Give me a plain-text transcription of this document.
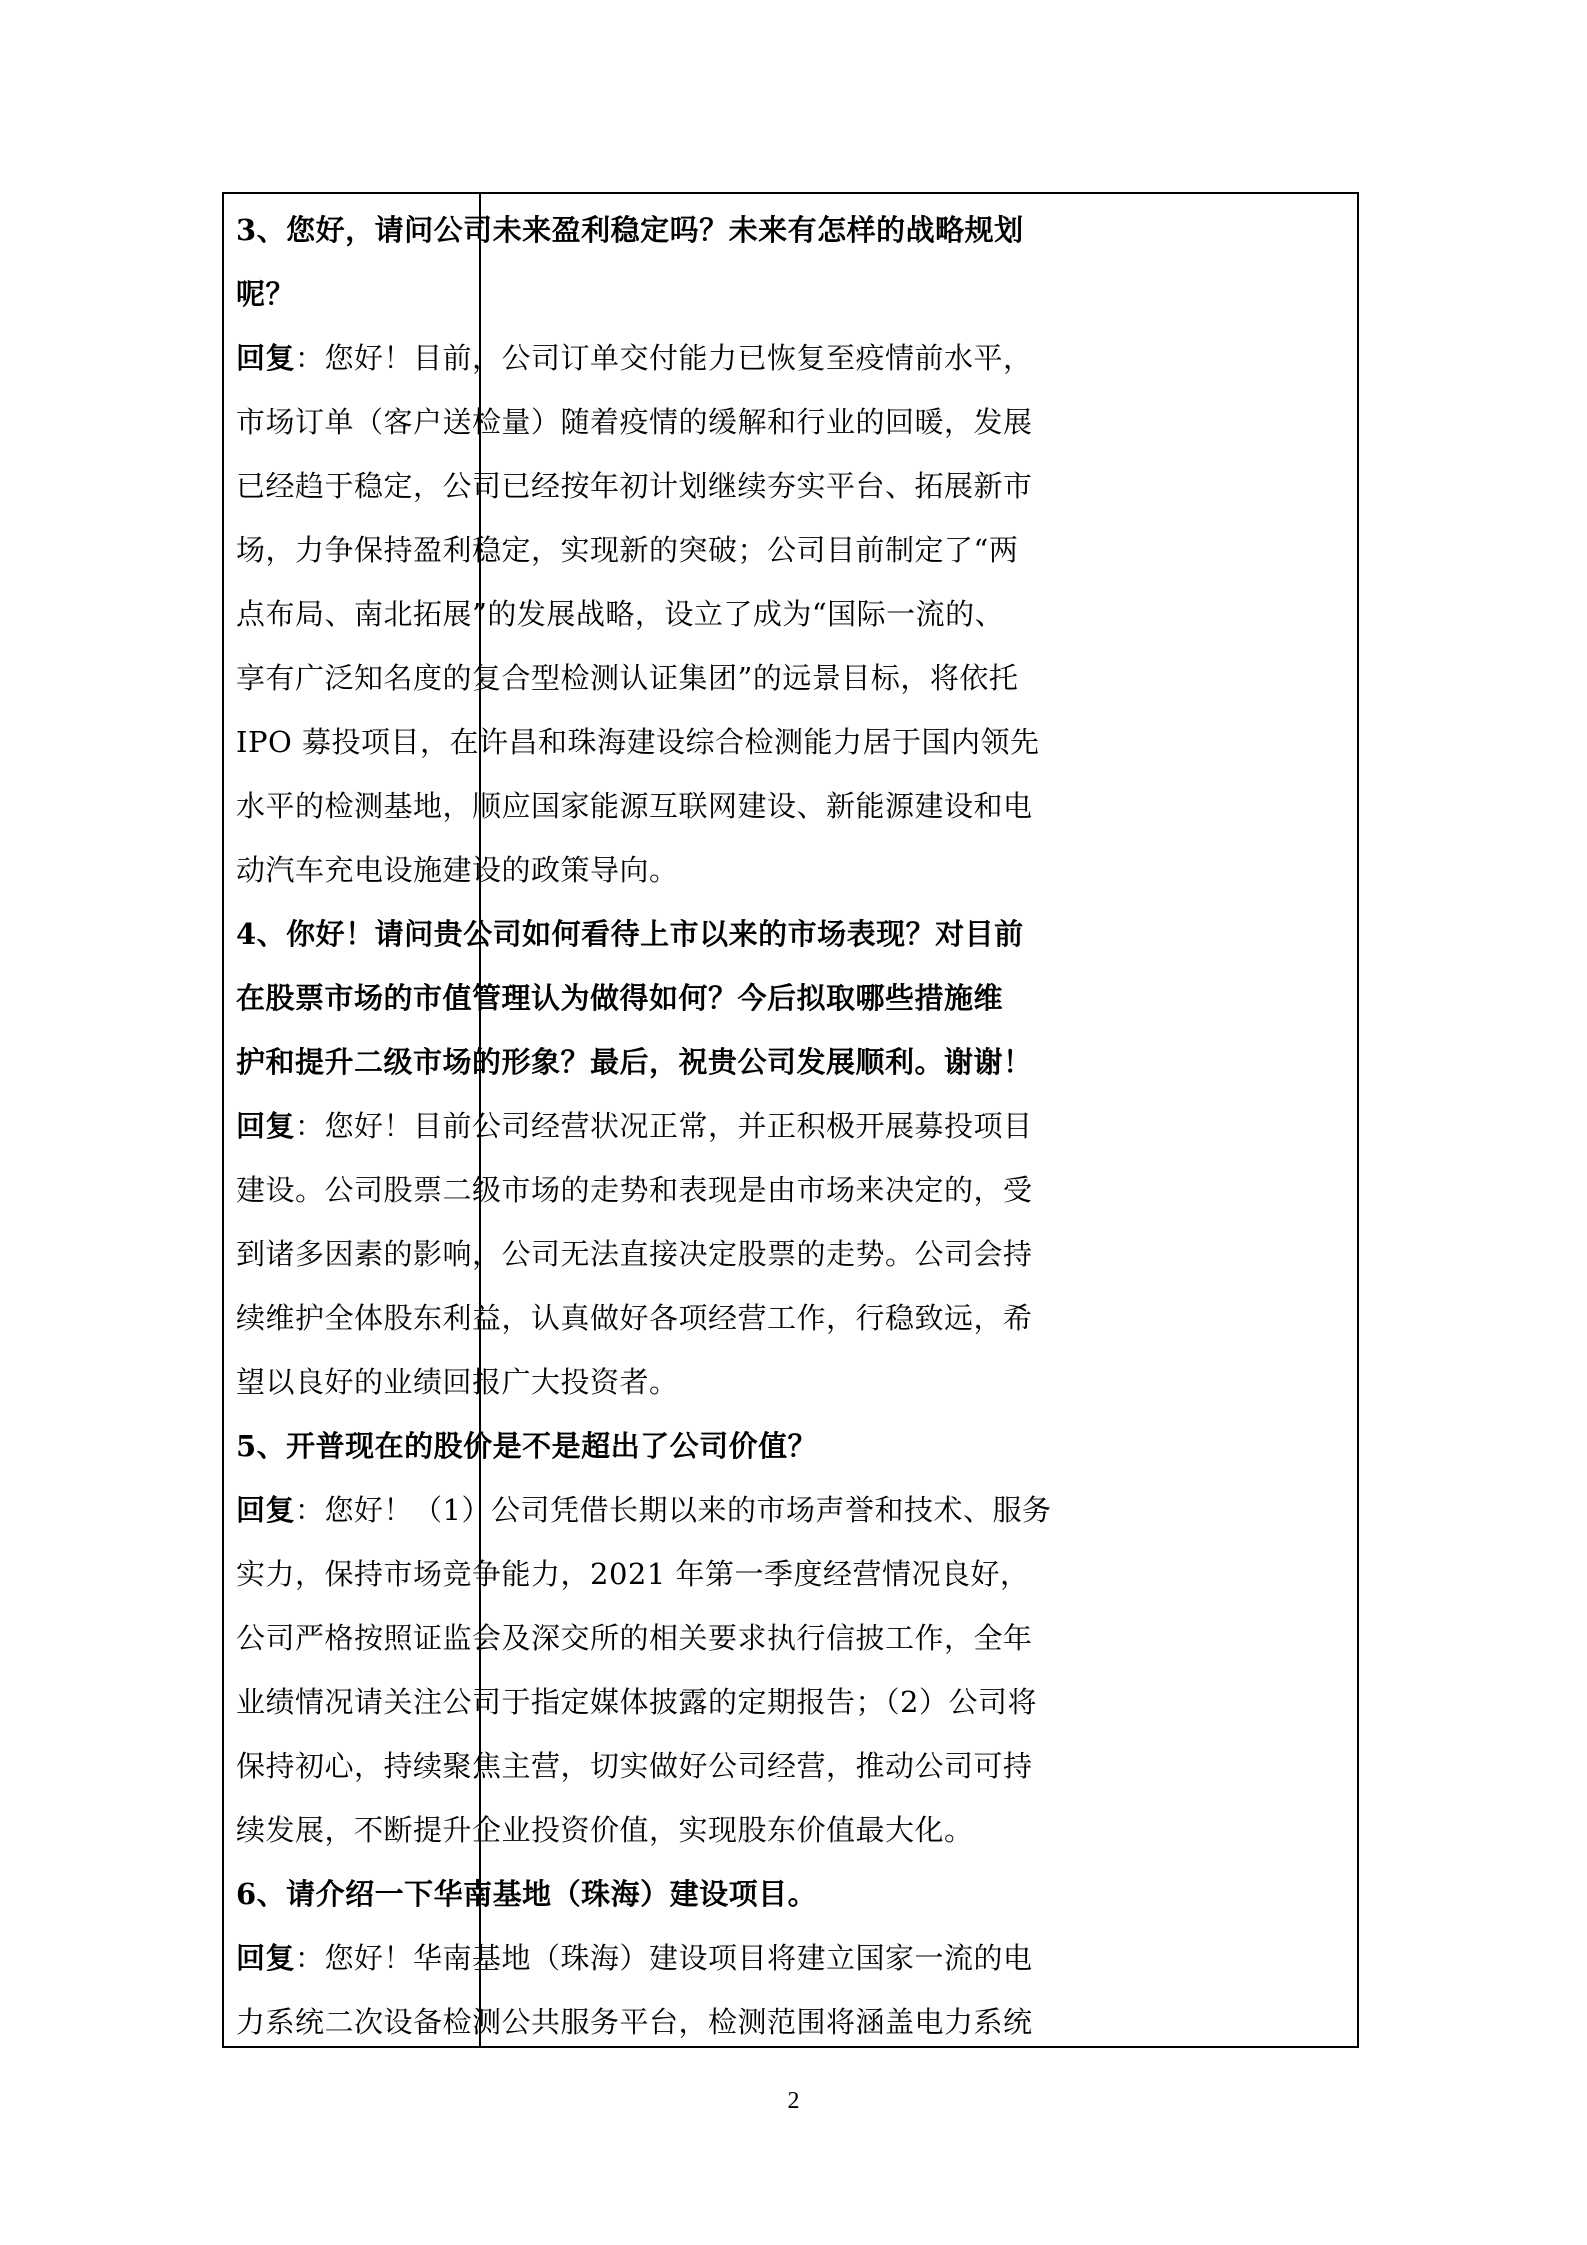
3、您好，请问公司未来盈利稳定吗？未来有怎样的战略规划
呢？
回复：您好！目前，公司订单交付能力已恢复至疫情前水平，
市场订单（客户送检量）随着疫情的缓解和行业的回暖，发展
已经趋于稳定，公司已经按年初计划继续夯实平台、拓展新市
场，力争保持盈利稳定，实现新的突破；公司目前制定了“两
点布局、南北拓展”的发展战略，设立了成为“国际一流的、
享有广泛知名度的复合型检测认证集团”的远景目标，将依托
IPO 募投项目，在许昌和珠海建设综合检测能力居于国内领先
水平的检测基地，顺应国家能源互联网建设、新能源建设和电
动汽车充电设施建设的政策导向。
4、你好！请问贵公司如何看待上市以来的市场表现？对目前
在股票市场的市值管理认为做得如何？今后拟取哪些措施维
护和提升二级市场的形象？最后，祝贵公司发展顺利。谢谢！
回复：您好！目前公司经营状况正常，并正积极开展募投项目
建设。公司股票二级市场的走势和表现是由市场来决定的，受
到诸多因素的影响，公司无法直接决定股票的走势。公司会持
续维护全体股东利益，认真做好各项经营工作，行稳致远，希
望以良好的业绩回报广大投资者。
5、开普现在的股价是不是超出了公司价值？
回复：您好！（1）公司凭借长期以来的市场声誉和技术、服务
实力，保持市场竞争能力，2021 年第一季度经营情况良好，
公司严格按照证监会及深交所的相关要求执行信披工作，全年
业绩情况请关注公司于指定媒体披露的定期报告；（2）公司将
保持初心，持续聚焦主营，切实做好公司经营，推动公司可持
续发展，不断提升企业投资价值，实现股东价值最大化。
6、请介绍一下华南基地（珠海）建设项目。
回复：您好！华南基地（珠海）建设项目将建立国家一流的电
力系统二次设备检测公共服务平台，检测范围将涵盖电力系统
2
